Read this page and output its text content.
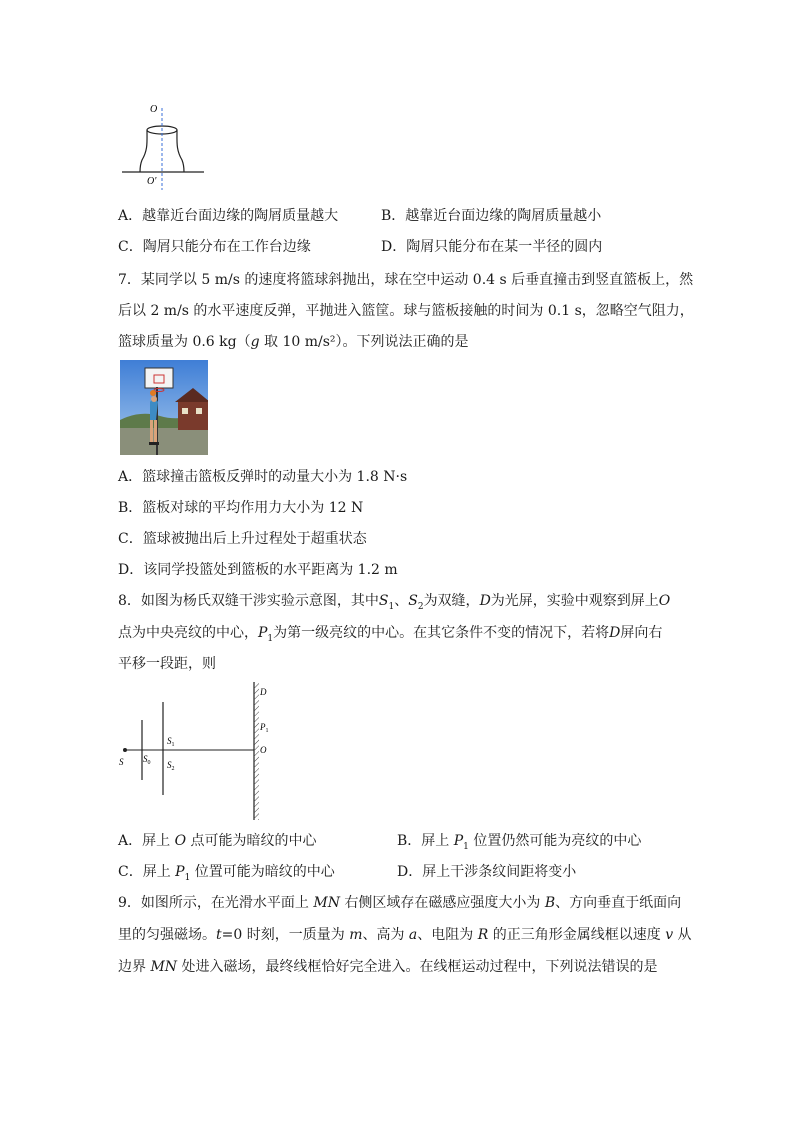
O
O'
A．越靠近台面边缘的陶屑质量越大	B．越靠近台面边缘的陶屑质量越小
C．陶屑只能分布在工作台边缘	D．陶屑只能分布在某一半径的圆内
7．某同学以 5 m/s 的速度将篮球斜抛出，球在空中运动 0.4 s 后垂直撞击到竖直篮板上，然
后以 2 m/s 的水平速度反弹，平抛进入篮筐。球与篮板接触的时间为 0.1 s，忽略空气阻力，
篮球质量为 0.6 kg（g 取 10 m/s²）。下列说法正确的是
A．篮球撞击篮板反弹时的动量大小为 1.8 N·s
B．篮板对球的平均作用力大小为 12 N
C．篮球被抛出后上升过程处于超重状态
D．该同学投篮处到篮板的水平距离为 1.2 m
8．如图为杨氏双缝干涉实验示意图，其中$S_1$、$S_2$为双缝，D为光屏，实验中观察到屏上O
点为中央亮纹的中心，$P_1$为第一级亮纹的中心。在其它条件不变的情况下，若将D屏向右
平移一段距，则
S $S_0$
$S_1$
$S_2$
D
$P_1$
O
A．屏上 O 点可能为暗纹的中心	B．屏上 $P_1$ 位置仍然可能为亮纹的中心
C．屏上 $P_1$ 位置可能为暗纹的中心	D．屏上干涉条纹间距将变小
9．如图所示，在光滑水平面上 MN 右侧区域存在磁感应强度大小为 B、方向垂直于纸面向
里的匀强磁场。t=0 时刻，一质量为 m、高为 a、电阻为 R 的正三角形金属线框以速度 v 从
边界 MN 处进入磁场，最终线框恰好完全进入。在线框运动过程中，下列说法错误的是
